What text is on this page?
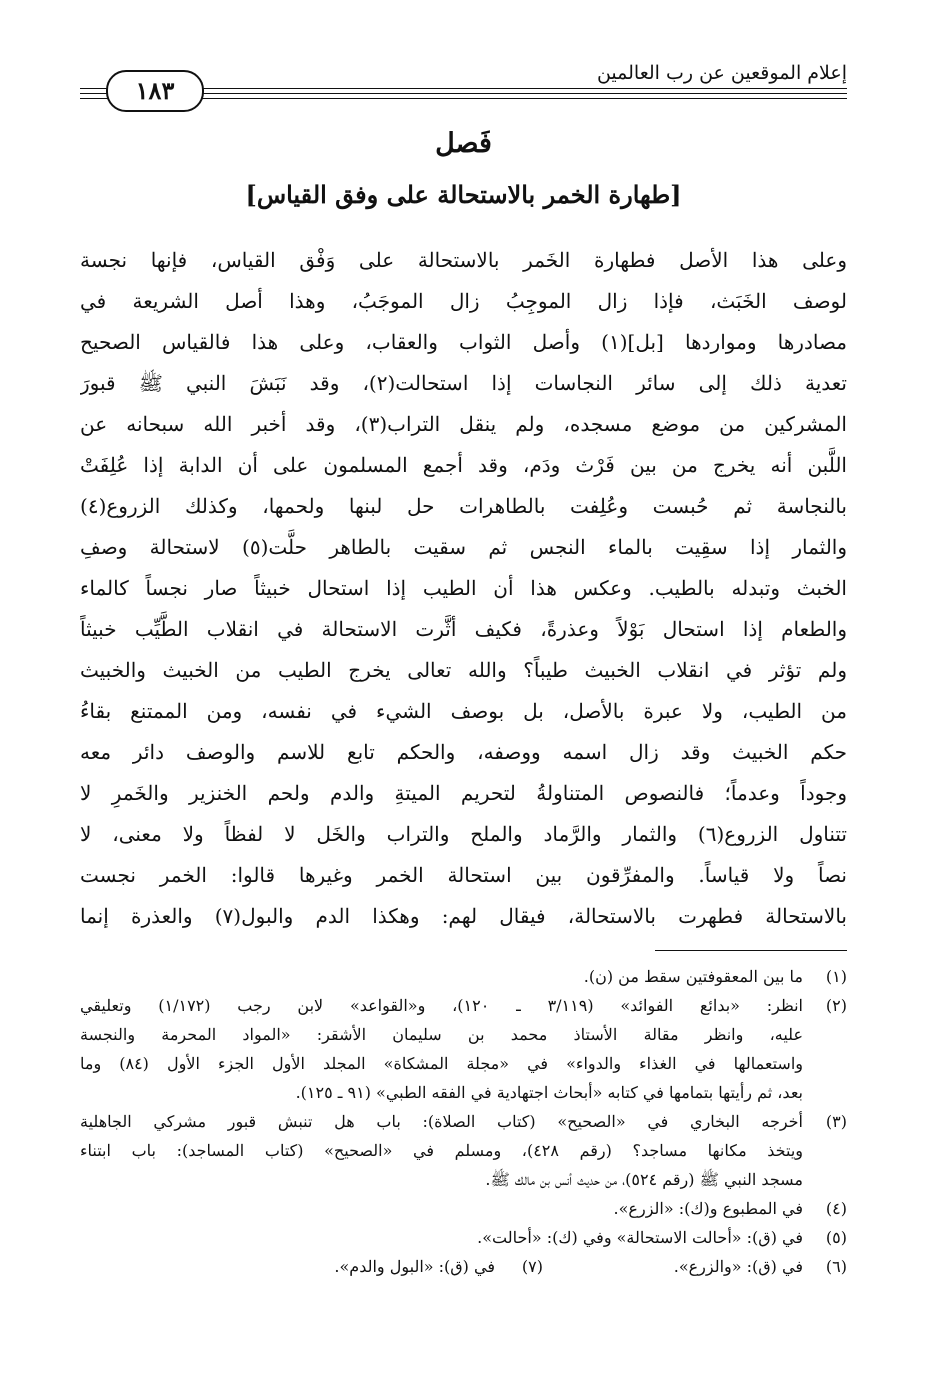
إعلام الموقعين عن رب العالمين
١٨٣
فَصل
[طهارة الخمر بالاستحالة على وفق القياس]
وعلى هذا الأصل فطهارة الخَمر بالاستحالة على وَفْق القياس، فإنها نجسة
لوصف الخَبَث، فإذا زال الموجِبُ زال الموجَبُ، وهذا أصل الشريعة في
مصادرها ومواردها [بل](١) وأصل الثواب والعقاب، وعلى هذا فالقياس الصحيح
تعدية ذلك إلى سائر النجاسات إذا استحالت(٢)، وقد نَبَشَ النبي ﷺ قبورَ
المشركين من موضع مسجده، ولم ينقل التراب(٣)، وقد أخبر الله سبحانه عن
اللَّبن أنه يخرج من بين فَرْث ودَم، وقد أجمع المسلمون على أن الدابة إذا عُلِفَتْ
بالنجاسة ثم حُبست وعُلِفت بالطاهرات حل لبنها ولحمها، وكذلك الزروع(٤)
والثمار إذا سقِيت بالماء النجس ثم سقيت بالطاهر حلَّت(٥) لاستحالة وصفِ
الخبث وتبدله بالطيب. وعكس هذا أن الطيب إذا استحال خبيثاً صار نجساً كالماء
والطعام إذا استحال بَوْلاً وعذرةً، فكيف أثَّرت الاستحالة في انقلاب الطَّيِّب خبيثاً
ولم تؤثر في انقلاب الخبيث طيباً؟ والله تعالى يخرج الطيب من الخبيث والخبيث
من الطيب، ولا عبرة بالأصل، بل بوصف الشيء في نفسه، ومن الممتنع بقاءُ
حكم الخبيث وقد زال اسمه ووصفه، والحكم تابع للاسم والوصف دائر معه
وجوداً وعدماً؛ فالنصوص المتناولةُ لتحريم الميتةِ والدم ولحم الخنزير والخَمرِ لا
تتناول الزروع(٦) والثمار والرَّماد والملح والتراب والخَل لا لفظاً ولا معنى، لا
نصاً ولا قياساً. والمفرِّقون بين استحالة الخمر وغيرها قالوا: الخمر نجست
بالاستحالة فطهرت بالاستحالة، فيقال لهم: وهكذا الدم والبول(٧) والعذرة إنما
(١)
ما بين المعقوفتين سقط من (ن).
(٢)
انظر: «بدائع الفوائد» (٣/١١٩ ـ ١٢٠)، و«القواعد» لابن رجب (١/١٧٢) وتعليقي
عليه، وانظر مقالة الأستاذ محمد بن سليمان الأشقر: «المواد المحرمة والنجسة
واستعمالها في الغذاء والدواء» في «مجلة المشكاة» المجلد الأول الجزء الأول (٨٤) وما
بعد، ثم رأيتها بتمامها في كتابه «أبحاث اجتهادية في الفقه الطبي» (٩١ ـ ١٢٥).
(٣)
أخرجه البخاري في «الصحيح» (كتاب الصلاة): باب هل تنبش قبور مشركي الجاهلية
ويتخذ مكانها مساجد؟ (رقم ٤٢٨)، ومسلم في «الصحيح» (كتاب المساجد): باب ابتناء
مسجد النبي ﷺ (رقم ٥٢٤)، من حديث أنس بن مالك ﷺ.
(٤)
في المطبوع و(ك): «الزرع».
(٥)
في (ق): «أحالت الاستحالة» وفي (ك): «أحالت».
(٦)
في (ق): «والزرع».
(٧)
في (ق): «البول والدم».
